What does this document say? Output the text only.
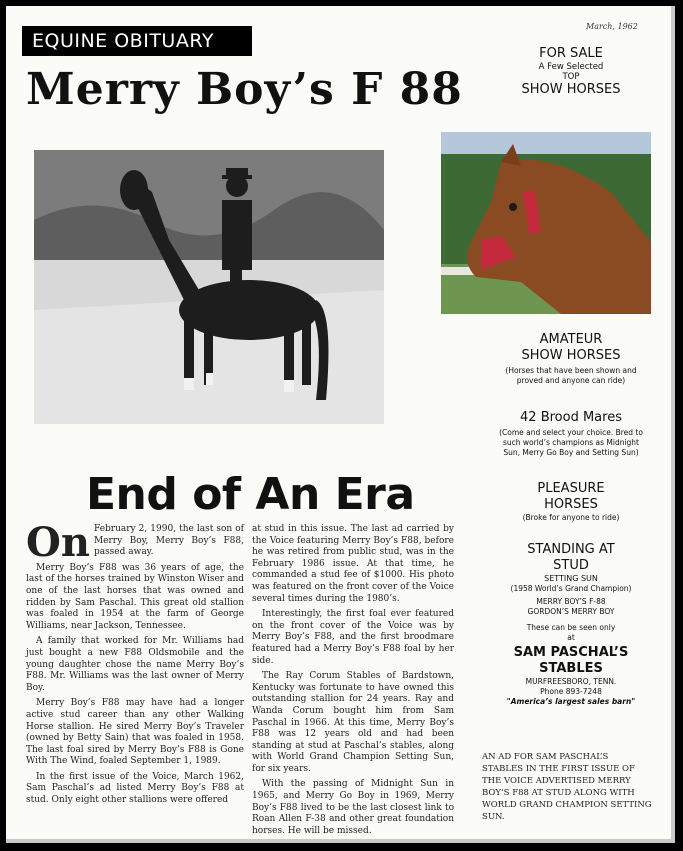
EQUINE OBITUARY
March, 1962
Merry Boy’s F 88
FOR SALE
A Few Selected
TOP
SHOW HORSES
AMATEUR
SHOW HORSES
(Horses that have been shown and proved and anyone can ride)
42 Brood Mares
(Come and select your choice. Bred to such world’s champions as Midnight Sun, Merry Go Boy and Setting Sun)
PLEASURE
HORSES
(Broke for anyone to ride)
STANDING AT
STUD
SETTING SUN
(1958 World’s Grand Champion)
MERRY BOY’S F-88
GORDON’S MERRY BOY
These can be seen only
at
SAM PASCHAL’S
STABLES
MURFREESBORO, TENN.
Phone 893-7248
"America’s largest sales barn"
AN AD FOR SAM PASCHAL’S STABLES IN THE FIRST ISSUE OF THE VOICE ADVERTISED MERRY BOY’S F88 AT STUD ALONG WITH WORLD GRAND CHAMPION SETTING SUN.
End of An Era

On February 2, 1990, the last son of Merry Boy, Merry Boy’s F88, passed away.

Merry Boy’s F88 was 36 years of age, the last of the horses trained by Winston Wiser and one of the last horses that was owned and ridden by Sam Paschal. This great old stallion was foaled in 1954 at the farm of George Williams, near Jackson, Tennessee.

A family that worked for Mr. Williams had just bought a new F88 Oldsmobile and the young daughter chose the name Merry Boy’s F88. Mr. Williams was the last owner of Merry Boy.

Merry Boy’s F88 may have had a longer active stud career than any other Walking Horse stallion. He sired Merry Boy’s Traveler (owned by Betty Sain) that was foaled in 1958. The last foal sired by Merry Boy’s F88 is Gone With The Wind, foaled September 1, 1989.

In the first issue of the Voice, March 1962, Sam Paschal’s ad listed Merry Boy’s F88 at stud. Only eight other stallions were offered

at stud in this issue. The last ad carried by the Voice featuring Merry Boy’s F88, before he was retired from public stud, was in the February 1986 issue. At that time, he commanded a stud fee of $1000. His photo was featured on the front cover of the Voice several times during the 1980’s.

Interestingly, the first foal ever featured on the front cover of the Voice was by Merry Boy’s F88, and the first broodmare featured had a Merry Boy’s F88 foal by her side.

The Ray Corum Stables of Bardstown, Kentucky was fortunate to have owned this outstanding stallion for 24 years. Ray and Wanda Corum bought him from Sam Paschal in 1966. At this time, Merry Boy’s F88 was 12 years old and had been standing at stud at Paschal’s stables, along with World Grand Champion Setting Sun, for six years.

With the passing of Midnight Sun in 1965, and Merry Go Boy in 1969, Merry Boy’s F88 lived to be the last closest link to Roan Allen F-38 and other great foundation horses. He will be missed.
